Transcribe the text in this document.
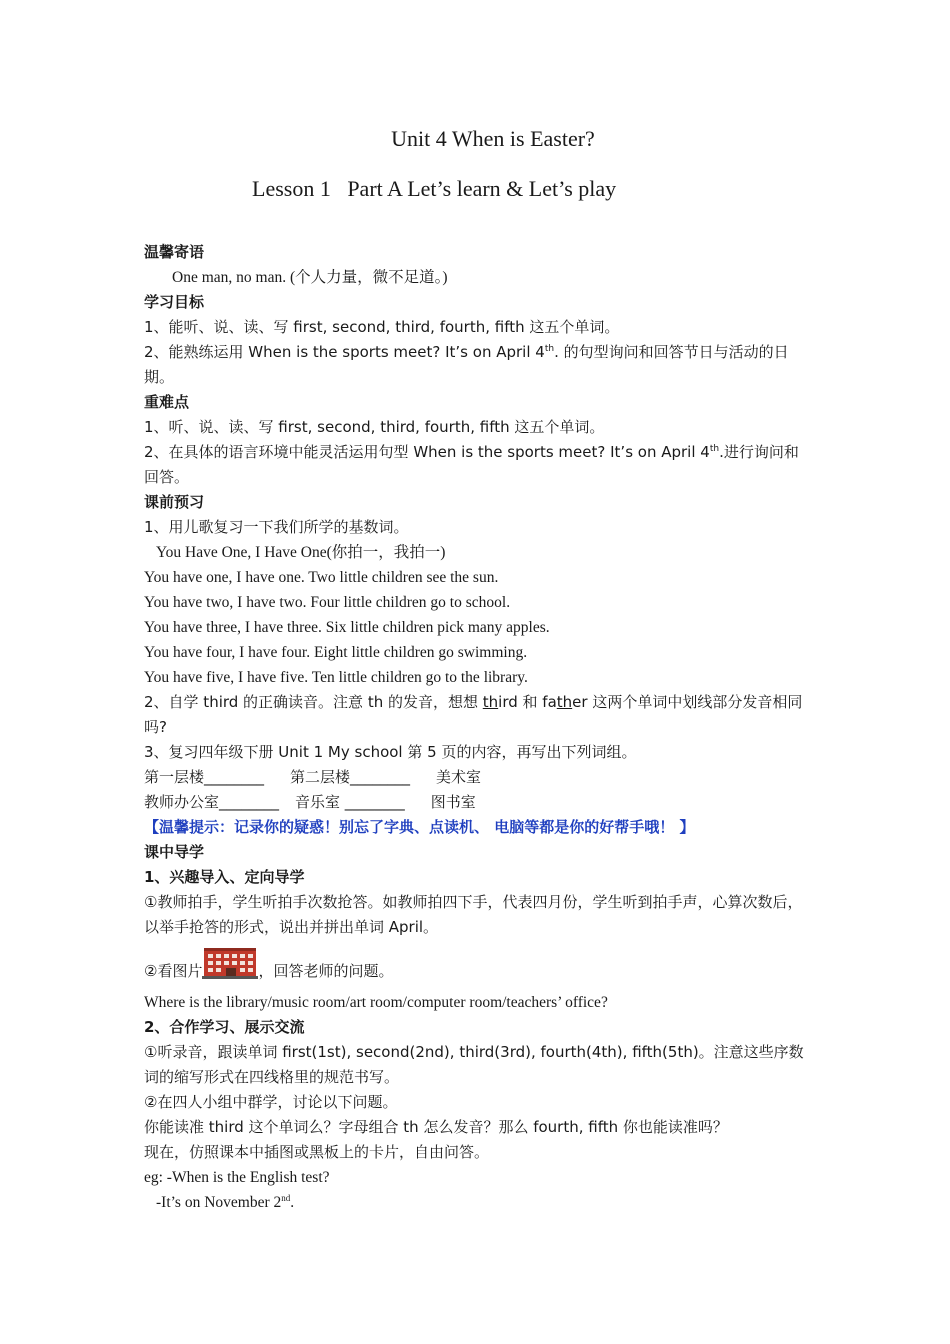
Unit 4 When is Easter?
Lesson 1   Part A Let’s learn & Let’s play
温馨寄语
One man, no man. (个人力量，微不足道。)
学习目标
1、能听、说、读、写 first, second, third, fourth, fifth 这五个单词。
2、能熟练运用 When is the sports meet? It’s on April 4th. 的句型询问和回答节日与活动的日期。
重难点
1、听、说、读、写 first, second, third, fourth, fifth 这五个单词。
2、在具体的语言环境中能灵活运用句型 When is the sports meet? It’s on April 4th.进行询问和回答。
课前预习
1、用儿歌复习一下我们所学的基数词。
You Have One, I Have One(你拍一，我拍一)
You have one, I have one. Two little children see the sun.
You have two, I have two. Four little children go to school.
You have three, I have three. Six little children pick many apples.
You have four, I have four. Eight little children go swimming.
You have five, I have five. Ten little children go to the library.
2、自学 third 的正确读音。注意 th 的发音，想想 third 和 father 这两个单词中划线部分发音相同吗?
3、复习四年级下册 Unit 1 My school 第 5 页的内容，再写出下列词组。
第一层楼________ 第二层楼________ 美术室
教师办公室________ 音乐室 ________ 图书室
【温馨提示：记录你的疑惑！别忘了字典、点读机、 电脑等都是你的好帮手哦！ 】
课中导学
1、兴趣导入、定向导学
①教师拍手，学生听拍手次数抢答。如教师拍四下手，代表四月份，学生听到拍手声，心算次数后，以举手抢答的形式，说出并拼出单词 April。
②看图片	，回答老师的问题。
Where is the library/music room/art room/computer room/teachers’ office?
2、合作学习、展示交流
①听录音，跟读单词 first(1st), second(2nd), third(3rd), fourth(4th), fifth(5th)。注意这些序数词的缩写形式在四线格里的规范书写。
②在四人小组中群学，讨论以下问题。
你能读准 third 这个单词么？字母组合 th 怎么发音？那么 fourth, fifth 你也能读准吗？
现在，仿照课本中插图或黑板上的卡片，自由问答。
eg: -When is the English test?
-It’s on November 2nd.
